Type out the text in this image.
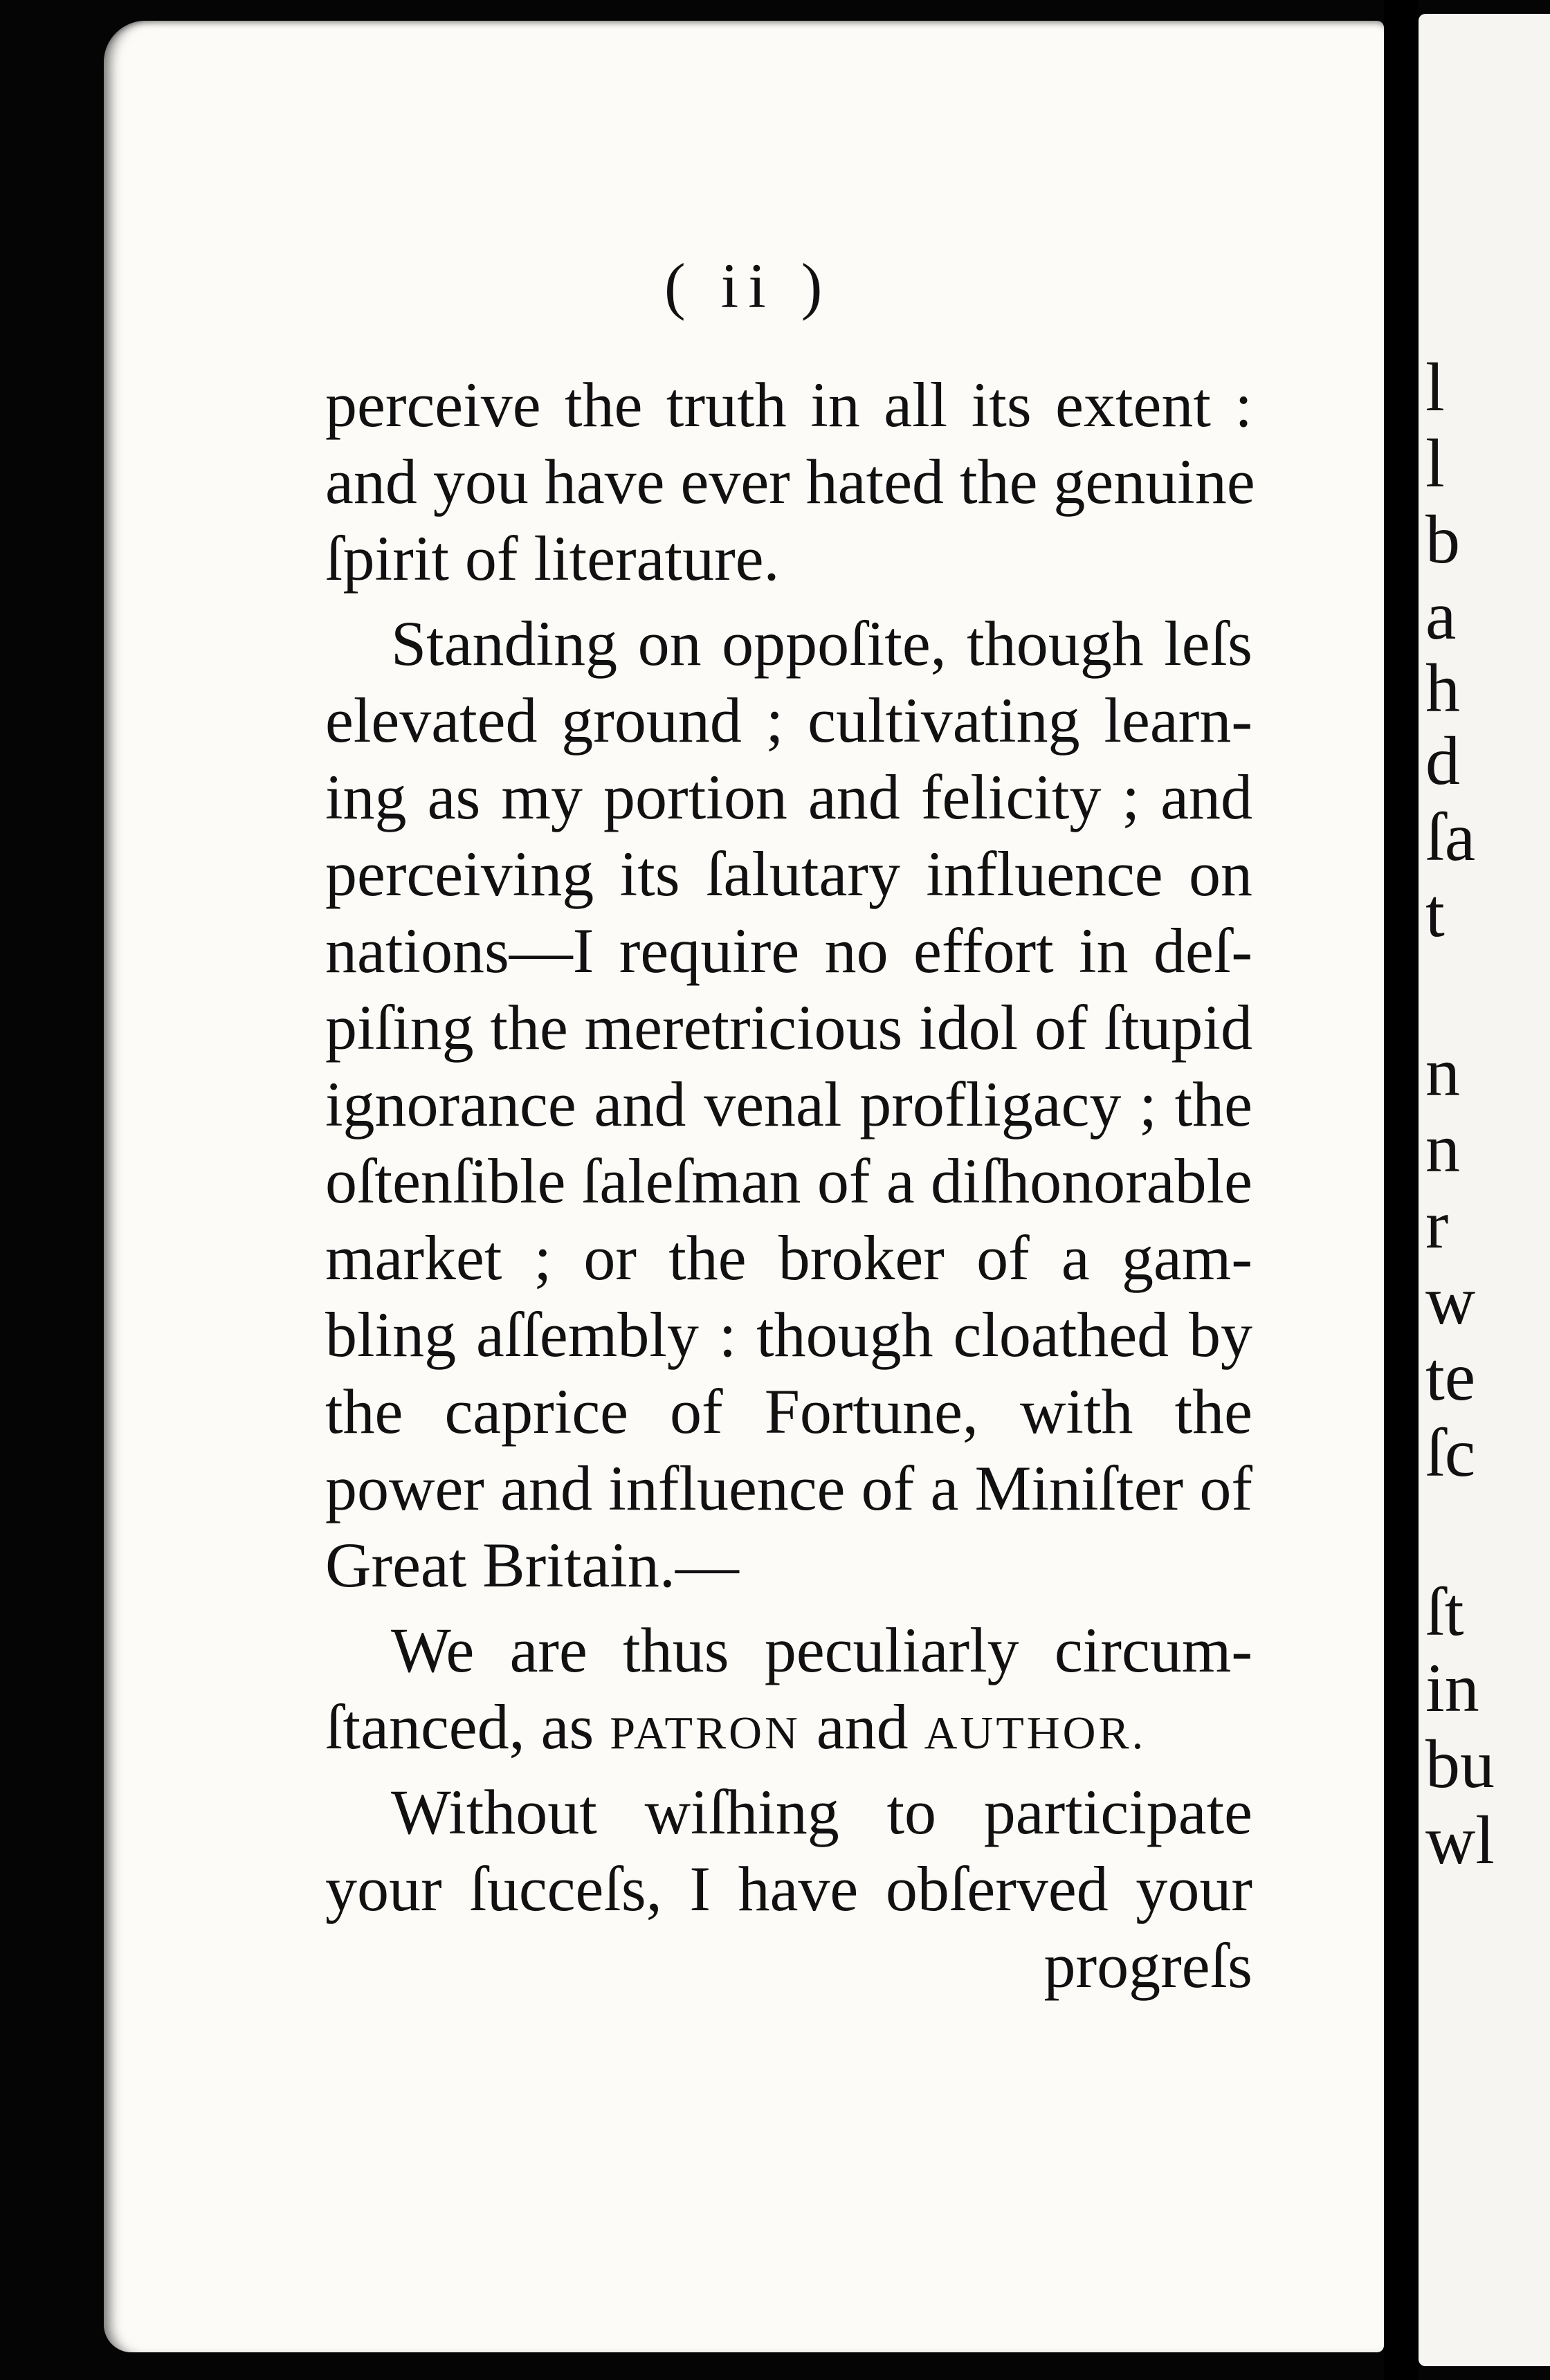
( ii )
perceive the truth in all its extent :
and you have ever hated the genuine
ſpirit of literature.
Standing on oppoſite, though leſs
elevated ground ; cultivating learn-
ing as my portion and felicity ; and
perceiving its ſalutary influence on
nations—I require no effort in deſ-
piſing the meretricious idol of ſtupid
ignorance and venal profligacy ; the
oſtenſible ſaleſman of a diſhonorable
market ; or the broker of a gam-
bling aſſembly : though cloathed by
the caprice of Fortune, with the
power and influence of a Miniſter of
Great Britain.—
We are thus peculiarly circum-
ſtanced, as PATRON and AUTHOR.
Without wiſhing to participate
your ſucceſs, I have obſerved your
progreſs
l
l
b
a
h
d
ſa
t
n
n
r
w
te
ſc
ſt
in
bu
wl
